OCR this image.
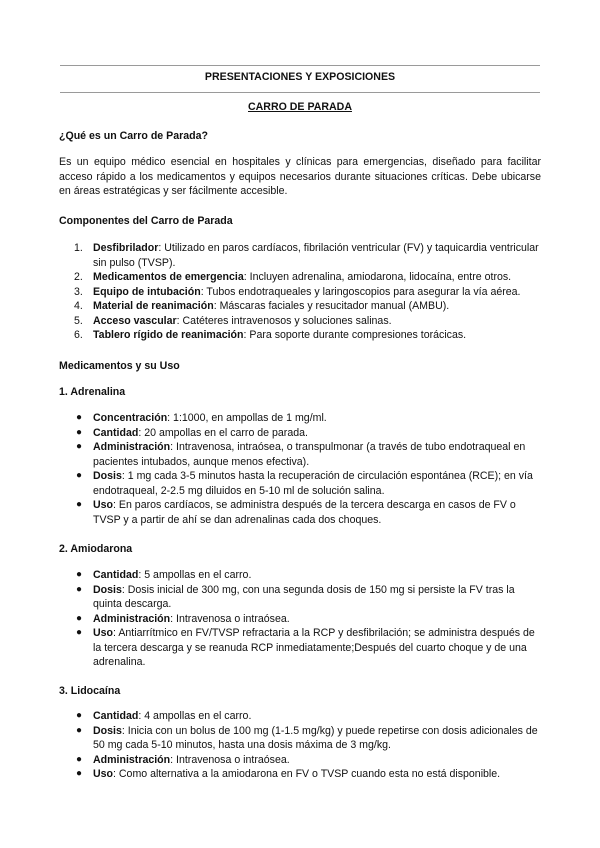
PRESENTACIONES Y EXPOSICIONES
CARRO DE PARADA
¿Qué es un Carro de Parada?
Es un equipo médico esencial en hospitales y clínicas para emergencias, diseñado para facilitar acceso rápido a los medicamentos y equipos necesarios durante situaciones críticas. Debe ubicarse en áreas estratégicas y ser fácilmente accesible.
Componentes del Carro de Parada
1. Desfibrilador: Utilizado en paros cardíacos, fibrilación ventricular (FV) y taquicardia ventricular sin pulso (TVSP).
2. Medicamentos de emergencia: Incluyen adrenalina, amiodarona, lidocaína, entre otros.
3. Equipo de intubación: Tubos endotraqueales y laringoscopios para asegurar la vía aérea.
4. Material de reanimación: Máscaras faciales y resucitador manual (AMBU).
5. Acceso vascular: Catéteres intravenosos y soluciones salinas.
6. Tablero rígido de reanimación: Para soporte durante compresiones torácicas.
Medicamentos y su Uso
1. Adrenalina
● Concentración: 1:1000, en ampollas de 1 mg/ml.
● Cantidad: 20 ampollas en el carro de parada.
● Administración: Intravenosa, intraósea, o transpulmonar (a través de tubo endotraqueal en pacientes intubados, aunque menos efectiva).
● Dosis: 1 mg cada 3-5 minutos hasta la recuperación de circulación espontánea (RCE); en vía endotraqueal, 2-2.5 mg diluidos en 5-10 ml de solución salina.
● Uso: En paros cardíacos, se administra después de la tercera descarga en casos de FV o TVSP y a partir de ahí se dan adrenalinas cada dos choques.
2. Amiodarona
● Cantidad: 5 ampollas en el carro.
● Dosis: Dosis inicial de 300 mg, con una segunda dosis de 150 mg si persiste la FV tras la quinta descarga.
● Administración: Intravenosa o intraósea.
● Uso: Antiarrítmico en FV/TVSP refractaria a la RCP y desfibrilación; se administra después de la tercera descarga y se reanuda RCP inmediatamente;Después del cuarto choque y de una adrenalina.
3. Lidocaína
● Cantidad: 4 ampollas en el carro.
● Dosis: Inicia con un bolus de 100 mg (1-1.5 mg/kg) y puede repetirse con dosis adicionales de 50 mg cada 5-10 minutos, hasta una dosis máxima de 3 mg/kg.
● Administración: Intravenosa o intraósea.
● Uso: Como alternativa a la amiodarona en FV o TVSP cuando esta no está disponible.
